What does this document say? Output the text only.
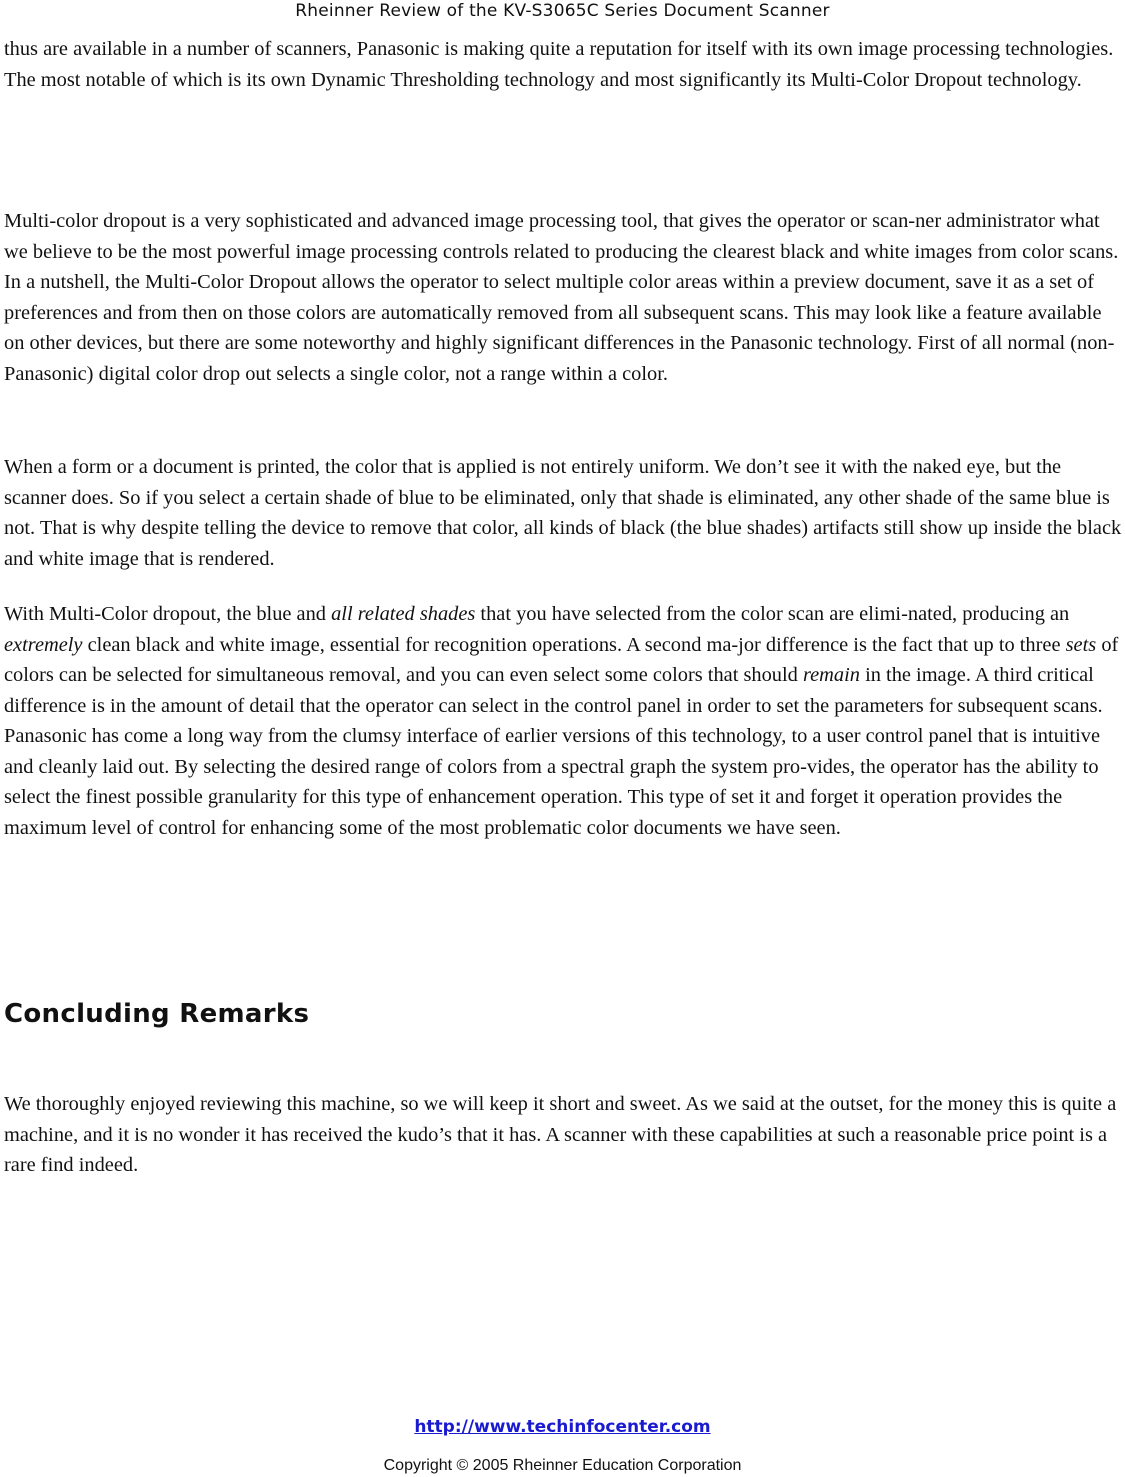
Rheinner Review of the KV-S3065C Series Document Scanner

thus are available in a number of scanners, Panasonic is making quite a reputation for itself with its own image processing technologies. The most notable of which is its own Dynamic Thresholding technology and most significantly its Multi-Color Dropout technology.

Multi-color dropout is a very sophisticated and advanced image processing tool, that gives the operator or scan-ner administrator what we believe to be the most powerful image processing controls related to producing the clearest black and white images from color scans. In a nutshell, the Multi-Color Dropout allows the operator to select multiple color areas within a preview document, save it as a set of preferences and from then on those colors are automatically removed from all subsequent scans. This may look like a feature available on other devices, but there are some noteworthy and highly significant differences in the Panasonic technology. First of all normal (non-Panasonic) digital color drop out selects a single color, not a range within a color.

When a form or a document is printed, the color that is applied is not entirely uniform. We don’t see it with the naked eye, but the scanner does. So if you select a certain shade of blue to be eliminated, only that shade is eliminated, any other shade of the same blue is not. That is why despite telling the device to remove that color, all kinds of black (the blue shades) artifacts still show up inside the black and white image that is rendered.

With Multi-Color dropout, the blue and all related shades that you have selected from the color scan are elimi-nated, producing an extremely clean black and white image, essential for recognition operations. A second ma-jor difference is the fact that up to three sets of colors can be selected for simultaneous removal, and you can even select some colors that should remain in the image. A third critical difference is in the amount of detail that the operator can select in the control panel in order to set the parameters for subsequent scans. Panasonic has come a long way from the clumsy interface of earlier versions of this technology, to a user control panel that is intuitive and cleanly laid out. By selecting the desired range of colors from a spectral graph the system pro-vides, the operator has the ability to select the finest possible granularity for this type of enhancement operation. This type of set it and forget it operation provides the maximum level of control for enhancing some of the most problematic color documents we have seen.

Concluding Remarks

We thoroughly enjoyed reviewing this machine, so we will keep it short and sweet. As we said at the outset, for the money this is quite a machine, and it is no wonder it has received the kudo’s that it has. A scanner with these capabilities at such a reasonable price point is a rare find indeed.

http://www.techinfocenter.com
Copyright © 2005 Rheinner Education Corporation
